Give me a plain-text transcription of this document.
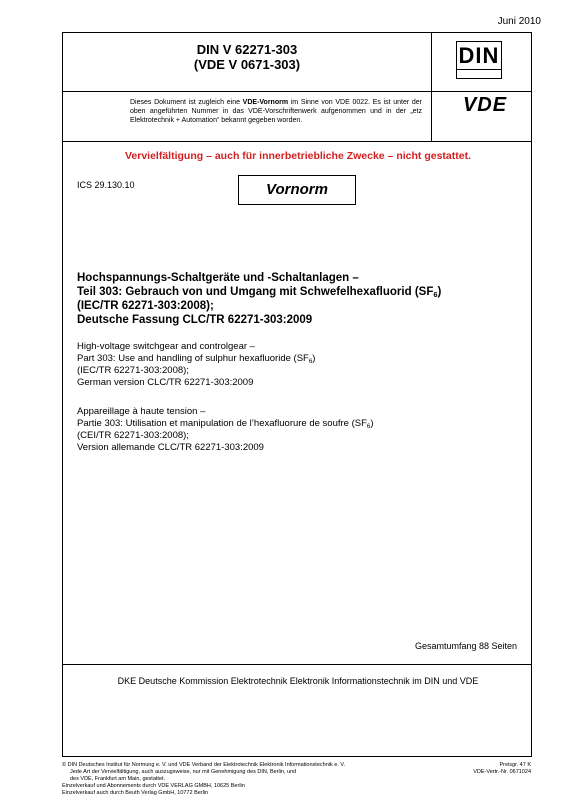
Juni 2010
DIN V 62271-303
(VDE V 0671-303)	DIN
VDE
Vervielfältigung – auch für innerbetriebliche Zwecke – nicht gestattet.
ICS 29.130.10	Vornorm
Hochspannungs-Schaltgeräte und -Schaltanlagen –
Teil 303: Gebrauch von und Umgang mit Schwefelhexafluorid (SF6)
(IEC/TR 62271-303:2008);
Deutsche Fassung CLC/TR 62271-303:2009
High-voltage switchgear and controlgear –
Part 303: Use and handling of sulphur hexafluoride $(SF_6)$
(IEC/TR 62271-303:2008);
German version CLC/TR 62271-303:2009
Appareillage à haute tension –
Partie 303: Utilisation et manipulation de l’hexafluorure de soufre $(SF_6)$
(CEI/TR 62271-303:2008);
Version allemande CLC/TR 62271-303:2009
Gesamtumfang 88 Seiten
DKE Deutsche Kommission Elektrotechnik Elektronik Informationstechnik im DIN und VDE
Dieses Dokument ist zugleich eine VDE-Vornorm im Sinne von VDE 0022. Es ist unter der oben angeführten Nummer in das VDE-Vorschriftenwerk aufgenommen und in der „etz Elektrotechnik + Automation“ bekannt gegeben worden.
© DIN Deutsches Institut für Normung e. V. und VDE Verband der Elektrotechnik Elektronik Informationstechnik e. V.
Jede Art der Vervielfältigung, auch auszugsweise, nur mit Genehmigung des DIN, Berlin, und
des VDE, Frankfurt am Main, gestattet.
Einzelverkauf und Abonnements durch VDE VERLAG GMBH, 10625 Berlin
Einzelverkauf auch durch Beuth Verlag GmbH, 10772 Berlin
Preisgr. 47 K
VDE-Vertr.-Nr. 0671024
